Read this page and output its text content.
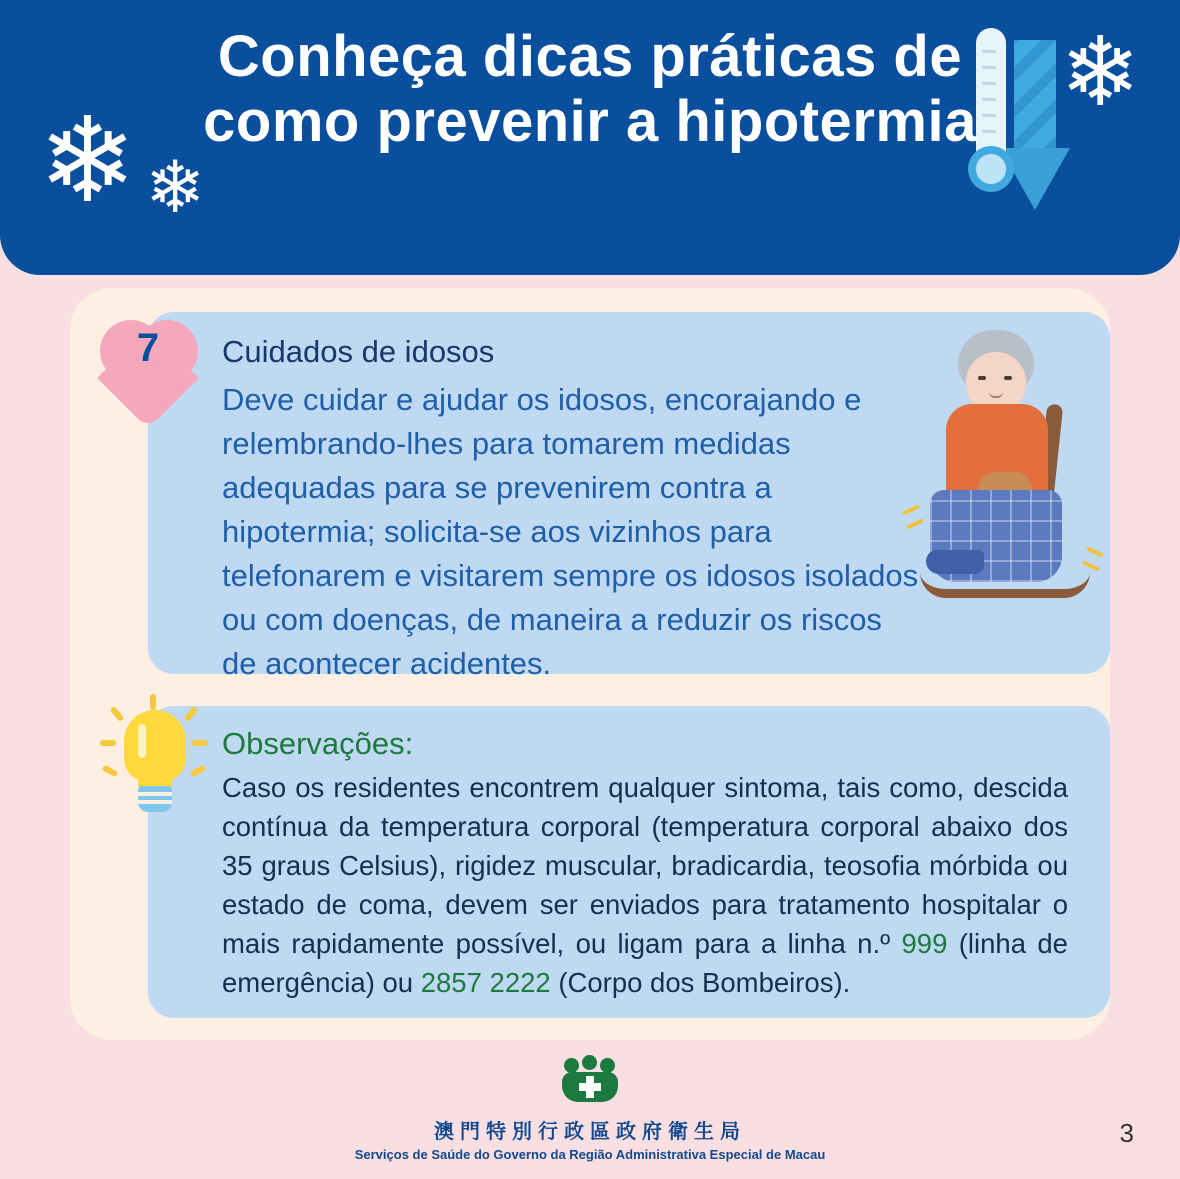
❄ ❄
❄
Conheça dicas práticas de como prevenir a hipotermia
7	Cuidados de idosos
Deve cuidar e ajudar os idosos, encorajando e relembrando-lhes para tomarem medidas adequadas para se prevenirem contra a hipotermia; solicita-se aos vizinhos para telefonarem e visitarem sempre os idosos isolados ou com doenças, de maneira a reduzir os riscos de acontecer acidentes.
Observações:
Caso os residentes encontrem qualquer sintoma, tais como, descida contínua da temperatura corporal (temperatura corporal abaixo dos 35 graus Celsius), rigidez muscular, bradicardia, teosofia mórbida ou estado de coma, devem ser enviados para tratamento hospitalar o mais rapidamente possível, ou ligam para a linha n.º 999 (linha de emergência) ou 2857 2222 (Corpo dos Bombeiros).
澳門特別行政區政府衛生局
Serviços de Saúde do Governo da Região Administrativa Especial de Macau
3
